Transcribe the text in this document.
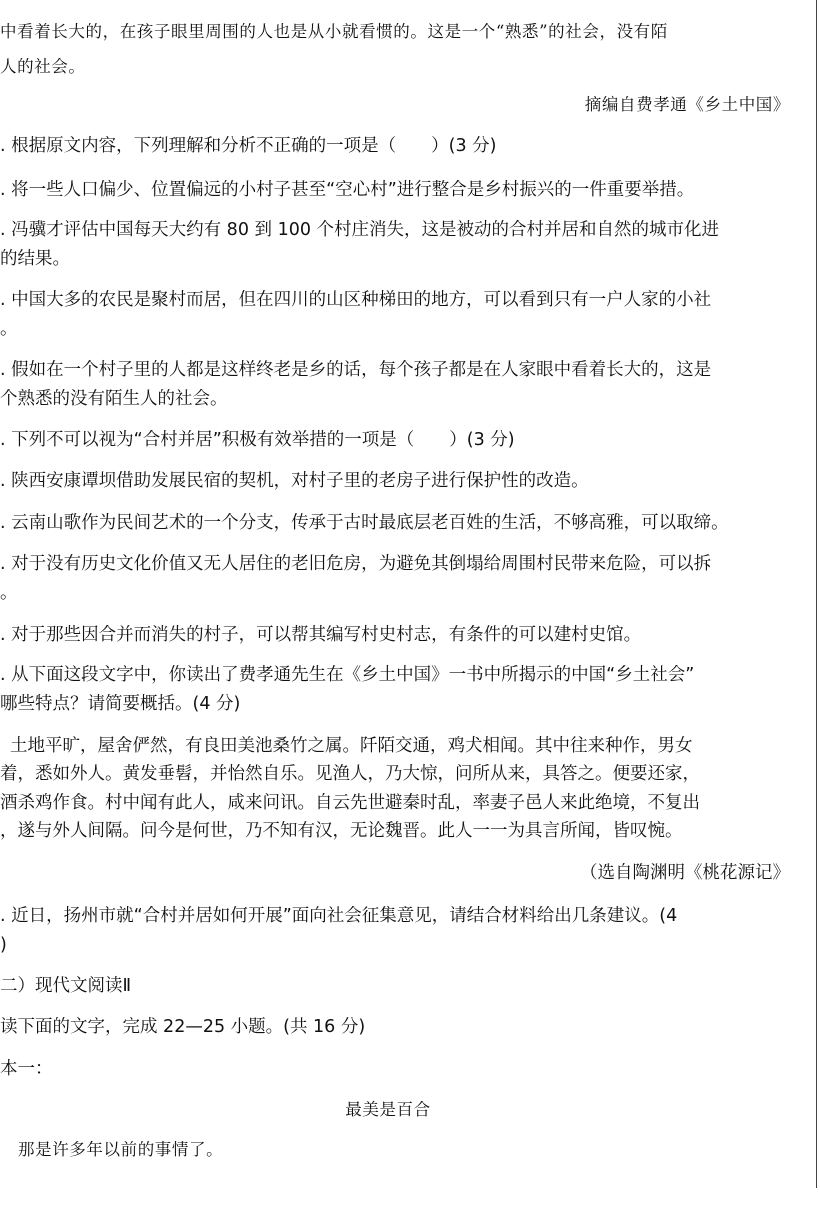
中看着长大的，在孩子眼里周围的人也是从小就看惯的。这是一个“熟悉”的社会，没有陌
人的社会。
摘编自费孝通《乡土中国》
. 根据原文内容，下列理解和分析不正确的一项是（　　）(3 分)
. 将一些人口偏少、位置偏远的小村子甚至“空心村”进行整合是乡村振兴的一件重要举措。
. 冯骥才评估中国每天大约有 80 到 100 个村庄消失，这是被动的合村并居和自然的城市化进
的结果。
. 中国大多的农民是聚村而居，但在四川的山区种梯田的地方，可以看到只有一户人家的小社
。
. 假如在一个村子里的人都是这样终老是乡的话，每个孩子都是在人家眼中看着长大的，这是
个熟悉的没有陌生人的社会。
. 下列不可以视为“合村并居”积极有效举措的一项是（　　）(3 分)
. 陕西安康谭坝借助发展民宿的契机，对村子里的老房子进行保护性的改造。
. 云南山歌作为民间艺术的一个分支，传承于古时最底层老百姓的生活，不够高雅，可以取缔。
. 对于没有历史文化价值又无人居住的老旧危房，为避免其倒塌给周围村民带来危险，可以拆
。
. 对于那些因合并而消失的村子，可以帮其编写村史村志，有条件的可以建村史馆。
. 从下面这段文字中，你读出了费孝通先生在《乡土中国》一书中所揭示的中国“乡土社会”
哪些特点？请简要概括。(4 分)
土地平旷，屋舍俨然，有良田美池桑竹之属。阡陌交通，鸡犬相闻。其中往来种作，男女
着，悉如外人。黄发垂髫，并怡然自乐。见渔人，乃大惊，问所从来，具答之。便要还家，
酒杀鸡作食。村中闻有此人，咸来问讯。自云先世避秦时乱，率妻子邑人来此绝境，不复出
，遂与外人间隔。问今是何世，乃不知有汉，无论魏晋。此人一一为具言所闻，皆叹惋。
（选自陶渊明《桃花源记》
. 近日，扬州市就“合村并居如何开展”面向社会征集意见，请结合材料给出几条建议。(4
)
二）现代文阅读Ⅱ
读下面的文字，完成 22—25 小题。(共 16 分)
本一：
最美是百合
那是许多年以前的事情了。
